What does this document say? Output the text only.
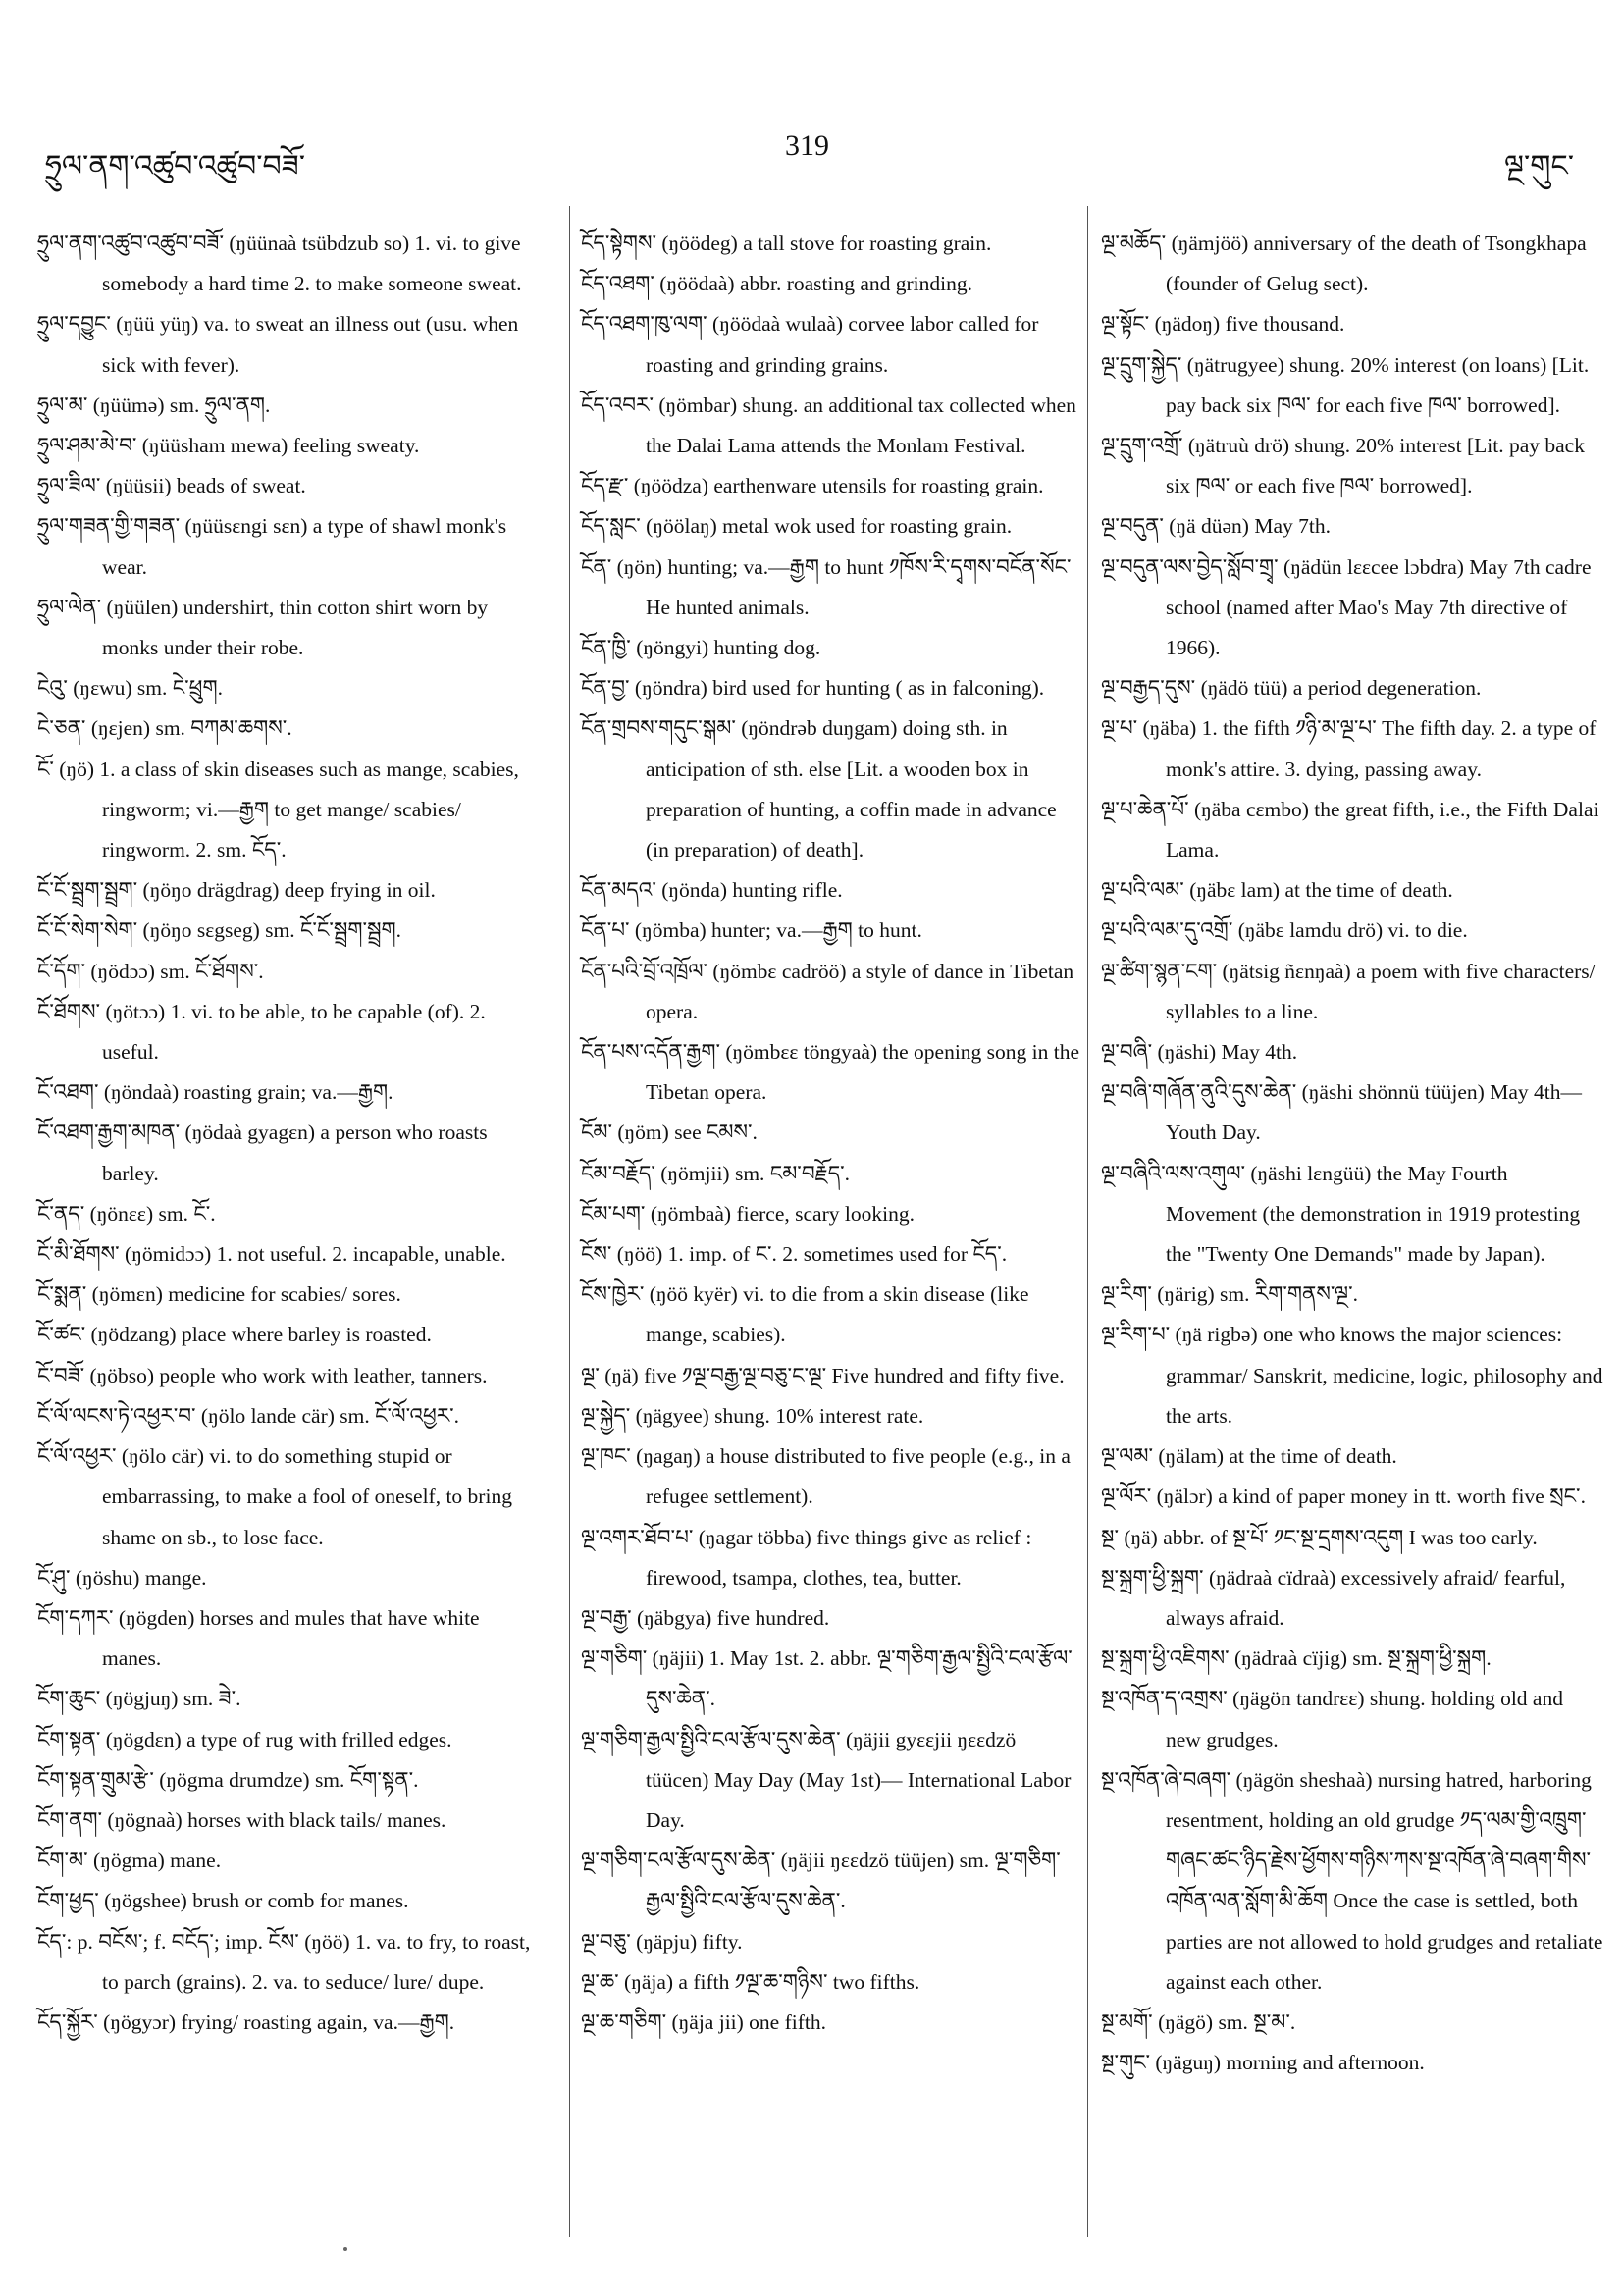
ཧྲུལ་ནག་འཚུབ་འཚུབ་བཟོ་
319
ལྔ་གུང་

ཧྲུལ་ནག་འཚུབ་འཚུབ་བཟོ་ (ŋüünaà tsübdzub so) 1. vi. to give somebody a hard time 2. to make someone sweat.

ཧྲུལ་དབྱུང་ (ŋüü yüŋ) va. to sweat an illness out (usu. when sick with fever).

ཧྲུལ་མ་ (ŋüümə) sm. ཧྲུལ་ནག.

ཧྲུལ་ཤམ་མེ་བ་ (ŋüüsham mewa) feeling sweaty.

ཧྲུལ་ཟིལ་ (ŋüüsii) beads of sweat.

ཧྲུལ་གཟན་གྱི་གཟན་ (ŋüüsɛngi sɛn) a type of shawl monk's wear.

ཧྲུལ་ལེན་ (ŋüülen) undershirt, thin cotton shirt worn by monks under their robe.

ངེའུ་ (ŋɛwu) sm. ངེ་ཕྲུག.

ངེ་ཅན་ (ŋɛjen) sm. བཀམ་ཆགས་.

ངོ་ (ŋö) 1. a class of skin diseases such as mange, scabies, ringworm; vi.—རྒྱག to get mange/ scabies/ ringworm. 2. sm. ངོད་.

ངོ་ངོ་སྦྲག་སྦྲག་ (ŋöŋo drägdrag) deep frying in oil.

ངོ་ངོ་སེག་སེག་ (ŋöŋo sɛgseg) sm. ངོ་ངོ་སྦྲག་སྦྲག.

ངོ་དོག་ (ŋödɔɔ) sm. ངོ་ཐོགས་.

ངོ་ཐོགས་ (ŋötɔɔ) 1. vi. to be able, to be capable (of). 2. useful.

ངོ་འཐག་ (ŋöndaà) roasting grain; va.—རྒྱག.

ངོ་འཐག་རྒྱག་མཁན་ (ŋödaà gyagɛn) a person who roasts barley.

ངོ་ནད་ (ŋönɛɛ) sm. ངོ་.

ངོ་མི་ཐོགས་ (ŋömidɔɔ) 1. not useful. 2. incapable, unable.

ངོ་སྨན་ (ŋömɛn) medicine for scabies/ sores.

ངོ་ཚང་ (ŋödzang) place where barley is roasted.

ངོ་བཟོ་ (ŋöbso) people who work with leather, tanners.

ངོ་ལོ་ལངས་ཏེ་འཕྱར་བ་ (ŋölo lande cär) sm. ངོ་ལོ་འཕྱར་.

ངོ་ལོ་འཕྱར་ (ŋölo cär) vi. to do something stupid or embarrassing, to make a fool of oneself, to bring shame on sb., to lose face.

ངོ་ཤུ་ (ŋöshu) mange.

ངོག་དཀར་ (ŋögden) horses and mules that have white manes.

ངོག་ཆུང་ (ŋögjuŋ) sm. ཟེ་.

ངོག་སྟན་ (ŋögdɛn) a type of rug with frilled edges.

ངོག་སྟན་གྲུམ་རྩེ་ (ŋögma drumdze) sm. ངོག་སྟན་.

ངོག་ནག་ (ŋögnaà) horses with black tails/ manes.

ངོག་མ་ (ŋögma) mane.

ངོག་ཕྱད་ (ŋögshee) brush or comb for manes.

ངོད་: p. བངོས་; f. བངོད་; imp. ངོས་ (ŋöö) 1. va. to fry, to roast, to parch (grains). 2. va. to seduce/ lure/ dupe.

ངོད་སྐྱོར་ (ŋögyɔr) frying/ roasting again, va.—རྒྱག.

ངོད་སྟེགས་ (ŋöödeg) a tall stove for roasting grain.

ངོད་འཐག་ (ŋöödaà) abbr. roasting and grinding.

ངོད་འཐག་ཁུ་ལག་ (ŋöödaà wulaà) corvee labor called for roasting and grinding grains.

ངོད་འབར་ (ŋömbar) shung. an additional tax collected when the Dalai Lama attends the Monlam Festival.

ངོད་རྫ་ (ŋöödza) earthenware utensils for roasting grain.

ངོད་སླང་ (ŋöölaŋ) metal wok used for roasting grain.

ངོན་ (ŋön) hunting; va.—རྒྱག to hunt ༡ཁོས་རི་དྭགས་བངོན་སོང་ He hunted animals.

ངོན་ཁྱི་ (ŋöngyi) hunting dog.

ངོན་བྱ་ (ŋöndra) bird used for hunting ( as in falconing).

ངོན་གྲབས་གདུང་སྒམ་ (ŋöndrəb duŋgam) doing sth. in anticipation of sth. else [Lit. a wooden box in preparation of hunting, a coffin made in advance (in preparation) of death].

ངོན་མདའ་ (ŋönda) hunting rifle.

ངོན་པ་ (ŋömba) hunter; va.—རྒྱག to hunt.

ངོན་པའི་བྲོ་འཁྲོལ་ (ŋömbɛ cadröö) a style of dance in Tibetan opera.

ངོན་པས་འདོན་རྒྱག་ (ŋömbɛɛ töngyaà) the opening song in the Tibetan opera.

ངོམ་ (ŋöm) see ངམས་.

ངོམ་བརྗོད་ (ŋömjii) sm. ངམ་བརྗོད་.

ངོམ་པག་ (ŋömbaà) fierce, scary looking.

ངོས་ (ŋöö) 1. imp. of ང་. 2. sometimes used for ངོད་.

ངོས་ཁྱེར་ (ŋöö kyër) vi. to die from a skin disease (like mange, scabies).

ལྔ་ (ŋä) five ༡ལྔ་བརྒྱ་ལྔ་བཅུ་ང་ལྔ་ Five hundred and fifty five.

ལྔ་སྐྱེད་ (ŋägyee) shung. 10% interest rate.

ལྔ་ཁང་ (ŋagaŋ) a house distributed to five people (e.g., in a refugee settlement).

ལྔ་འགར་ཐོབ་པ་ (ŋagar többa) five things give as relief : firewood, tsampa, clothes, tea, butter.

ལྔ་བརྒྱ་ (ŋäbgya) five hundred.

ལྔ་གཅིག་ (ŋäjii) 1. May 1st. 2. abbr. ལྔ་གཅིག་རྒྱལ་སྤྱིའི་ངལ་རྩོལ་དུས་ཆེན་.

ལྔ་གཅིག་རྒྱལ་སྤྱིའི་ངལ་རྩོལ་དུས་ཆེན་ (ŋäjii gyɛɛjii ŋɛɛdzö tüücen) May Day (May 1st)— International Labor Day.

ལྔ་གཅིག་ངལ་རྩོལ་དུས་ཆེན་ (ŋäjii ŋɛɛdzö tüüjen) sm. ལྔ་གཅིག་རྒྱལ་སྤྱིའི་ངལ་རྩོལ་དུས་ཆེན་.

ལྔ་བཅུ་ (ŋäpju) fifty.

ལྔ་ཆ་ (ŋäja) a fifth ༡ལྔ་ཆ་གཉིས་ two fifths.

ལྔ་ཆ་གཅིག་ (ŋäja jii) one fifth.

ལྔ་མཆོད་ (ŋämjöö) anniversary of the death of Tsongkhapa (founder of Gelug sect).

ལྔ་སྟོང་ (ŋädoŋ) five thousand.

ལྔ་དྲུག་སྐྱེད་ (ŋätrugyee) shung. 20% interest (on loans) [Lit. pay back six ཁལ་ for each five ཁལ་ borrowed].

ལྔ་དྲུག་འགྲོ་ (ŋätruù drö) shung. 20% interest [Lit. pay back six ཁལ་ or each five ཁལ་ borrowed].

ལྔ་བདུན་ (ŋä düən) May 7th.

ལྔ་བདུན་ལས་བྱེད་སློབ་གྲྭ་ (ŋädün lɛɛcee lɔbdra) May 7th cadre school (named after Mao's May 7th directive of 1966).

ལྔ་བརྒྱད་དུས་ (ŋädö tüü) a period degeneration.

ལྔ་པ་ (ŋäba) 1. the fifth ༡ཉི་མ་ལྔ་པ་ The fifth day. 2. a type of monk's attire. 3. dying, passing away.

ལྔ་པ་ཆེན་པོ་ (ŋäba cɛmbo) the great fifth, i.e., the Fifth Dalai Lama.

ལྔ་པའི་ལམ་ (ŋäbɛ lam) at the time of death.

ལྔ་པའི་ལམ་དུ་འགྲོ་ (ŋäbɛ lamdu drö) vi. to die.

ལྔ་ཚིག་སྙན་ངག་ (ŋätsig ñɛnŋaà) a poem with five characters/ syllables to a line.

ལྔ་བཞི་ (ŋäshi) May 4th.

ལྔ་བཞི་གཞོན་ནུའི་དུས་ཆེན་ (ŋäshi shönnü tüüjen) May 4th—Youth Day.

ལྔ་བཞིའི་ལས་འགུལ་ (ŋäshi lɛngüü) the May Fourth Movement (the demonstration in 1919 protesting the "Twenty One Demands" made by Japan).

ལྔ་རིག་ (ŋärig) sm. རིག་གནས་ལྔ་.

ལྔ་རིག་པ་ (ŋä rigbə) one who knows the major sciences: grammar/ Sanskrit, medicine, logic, philosophy and the arts.

ལྔ་ལམ་ (ŋälam) at the time of death.

ལྔ་ལོར་ (ŋälɔr) a kind of paper money in tt. worth five སྲང་.

སྔ་ (ŋä) abbr. of སྔ་པོ་ ༡ང་སྔ་དྲགས་འདུག I was too early.

སྔ་སྐྲག་ཕྱི་སྐྲག་ (ŋädraà cïdraà) excessively afraid/ fearful, always afraid.

སྔ་སྐྲག་ཕྱི་འཇིགས་ (ŋädraà cïjig) sm. སྔ་སྐྲག་ཕྱི་སྐྲག.

སྔ་འཁོན་ད་འགྲས་ (ŋägön tandrɛɛ) shung. holding old and new grudges.

སྔ་འཁོན་ཞེ་བཞག་ (ŋägön sheshaà) nursing hatred, harboring resentment, holding an old grudge ༡ད་ལམ་གྱི་འཁྲུག་གཞང་ཚང་ཉིད་རྗེས་ཕྱོགས་གཉིས་ཀས་སྔ་འཁོན་ཞེ་བཞག་གིས་འཁོན་ལན་སློག་མི་ཆོག Once the case is settled, both parties are not allowed to hold grudges and retaliate against each other.

སྔ་མགོ་ (ŋägö) sm. སྔ་མ་.

སྔ་གུང་ (ŋäguŋ) morning and afternoon.
